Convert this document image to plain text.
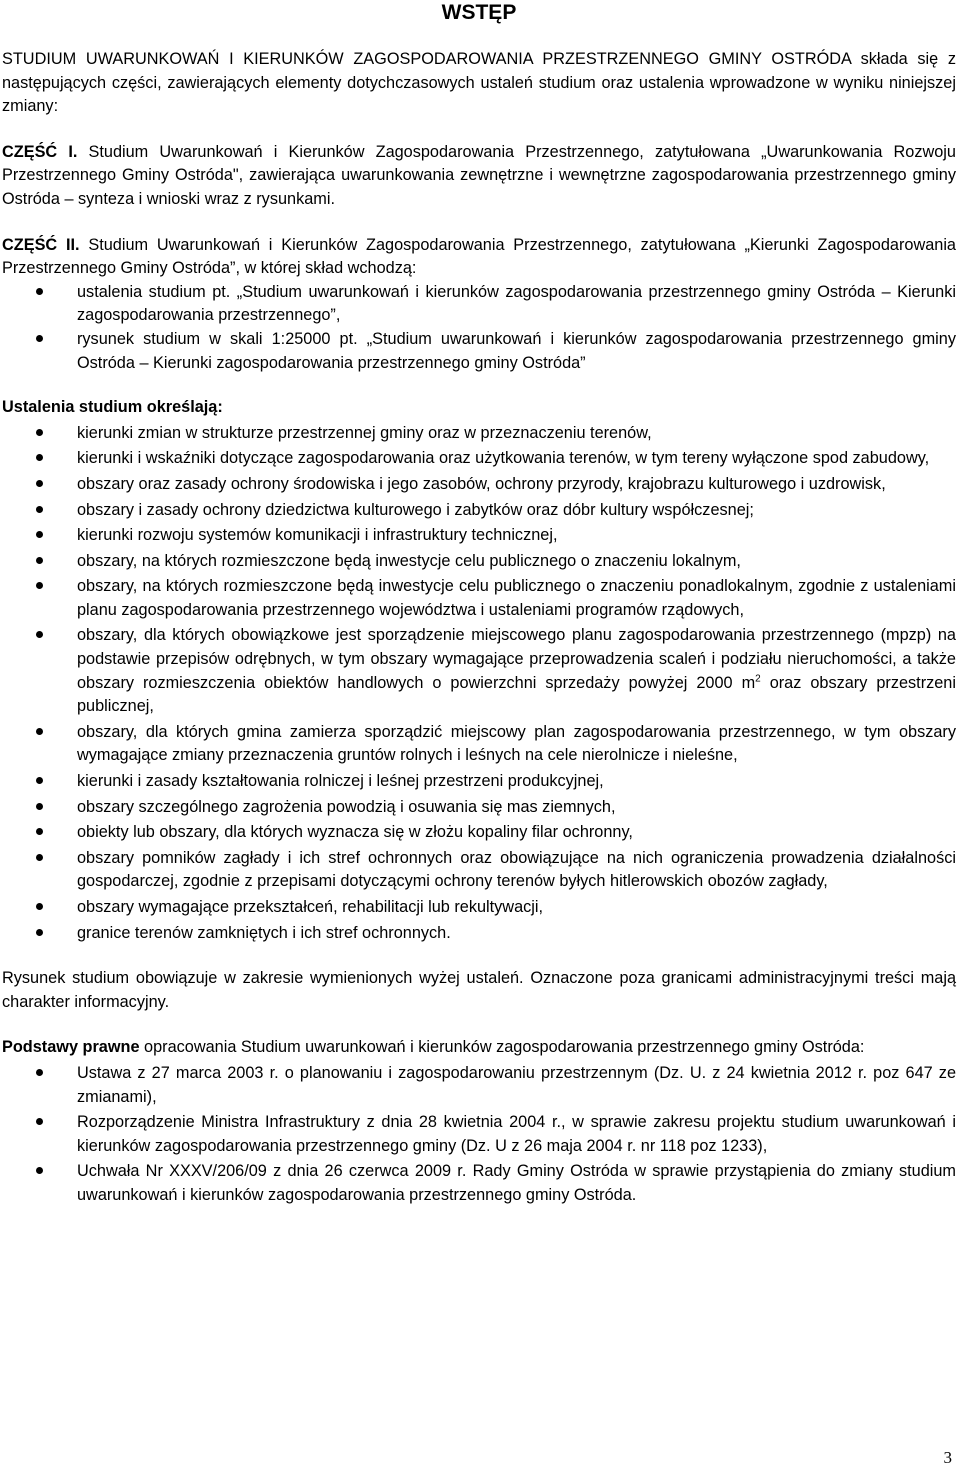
WSTĘP

STUDIUM UWARUNKOWAŃ I KIERUNKÓW ZAGOSPODAROWANIA PRZESTRZENNEGO GMINY OSTRÓDA składa się z następujących części, zawierających elementy dotychczasowych ustaleń studium oraz ustalenia wprowadzone w wyniku niniejszej zmiany:

CZĘŚĆ I. Studium Uwarunkowań i Kierunków Zagospodarowania Przestrzennego, zatytułowana „Uwarunkowania Rozwoju Przestrzennego Gminy Ostróda", zawierająca uwarunkowania zewnętrzne i wewnętrzne zagospodarowania przestrzennego gminy Ostróda – synteza i wnioski wraz z rysunkami.

CZĘŚĆ II. Studium Uwarunkowań i Kierunków Zagospodarowania Przestrzennego, zatytułowana „Kierunki Zagospodarowania Przestrzennego Gminy Ostróda”, w której skład wchodzą:

ustalenia studium pt. „Studium uwarunkowań i kierunków zagospodarowania przestrzennego gminy Ostróda – Kierunki zagospodarowania przestrzennego”,
rysunek studium w skali 1:25000 pt. „Studium uwarunkowań i kierunków zagospodarowania przestrzennego gminy Ostróda – Kierunki zagospodarowania przestrzennego gminy Ostróda”

Ustalenia studium określają:

kierunki zmian w strukturze przestrzennej gminy oraz w przeznaczeniu terenów,
kierunki i wskaźniki dotyczące zagospodarowania oraz użytkowania terenów, w tym tereny wyłączone spod zabudowy,
obszary oraz zasady ochrony środowiska i jego zasobów, ochrony przyrody, krajobrazu kulturowego i uzdrowisk,
obszary i zasady ochrony dziedzictwa kulturowego i zabytków oraz dóbr kultury współczesnej;
kierunki rozwoju systemów komunikacji i infrastruktury technicznej,
obszary, na których rozmieszczone będą inwestycje celu publicznego o znaczeniu lokalnym,
obszary, na których rozmieszczone będą inwestycje celu publicznego o znaczeniu ponadlokalnym, zgodnie z ustaleniami planu zagospodarowania przestrzennego województwa i ustaleniami programów rządowych,
obszary, dla których obowiązkowe jest sporządzenie miejscowego planu zagospodarowania przestrzennego (mpzp) na podstawie przepisów odrębnych, w tym obszary wymagające przeprowadzenia scaleń i podziału nieruchomości, a także obszary rozmieszczenia obiektów handlowych o powierzchni sprzedaży powyżej 2000 $m^2$ oraz obszary przestrzeni publicznej,
obszary, dla których gmina zamierza sporządzić miejscowy plan zagospodarowania przestrzennego, w tym obszary wymagające zmiany przeznaczenia gruntów rolnych i leśnych na cele nierolnicze i nieleśne,
kierunki i zasady kształtowania rolniczej i leśnej przestrzeni produkcyjnej,
obszary szczególnego zagrożenia powodzią i osuwania się mas ziemnych,
obiekty lub obszary, dla których wyznacza się w złożu kopaliny filar ochronny,
obszary pomników zagłady i ich stref ochronnych oraz obowiązujące na nich ograniczenia prowadzenia działalności gospodarczej, zgodnie z przepisami dotyczącymi ochrony terenów byłych hitlerowskich obozów zagłady,
obszary wymagające przekształceń, rehabilitacji lub rekultywacji,
granice terenów zamkniętych i ich stref ochronnych.

Rysunek studium obowiązuje w zakresie wymienionych wyżej ustaleń. Oznaczone poza granicami administracyjnymi treści mają charakter informacyjny.

Podstawy prawne opracowania Studium uwarunkowań i kierunków zagospodarowania przestrzennego gminy Ostróda:

Ustawa z 27 marca 2003 r. o planowaniu i zagospodarowaniu przestrzennym (Dz. U. z 24 kwietnia 2012 r. poz 647 ze zmianami),
Rozporządzenie Ministra Infrastruktury z dnia 28 kwietnia 2004 r., w sprawie zakresu projektu studium uwarunkowań i kierunków zagospodarowania przestrzennego gminy (Dz. U z 26 maja 2004 r. nr 118 poz 1233),
Uchwała Nr XXXV/206/09 z dnia 26 czerwca 2009 r. Rady Gminy Ostróda w sprawie przystąpienia do zmiany studium uwarunkowań i kierunków zagospodarowania przestrzennego gminy Ostróda.
3
